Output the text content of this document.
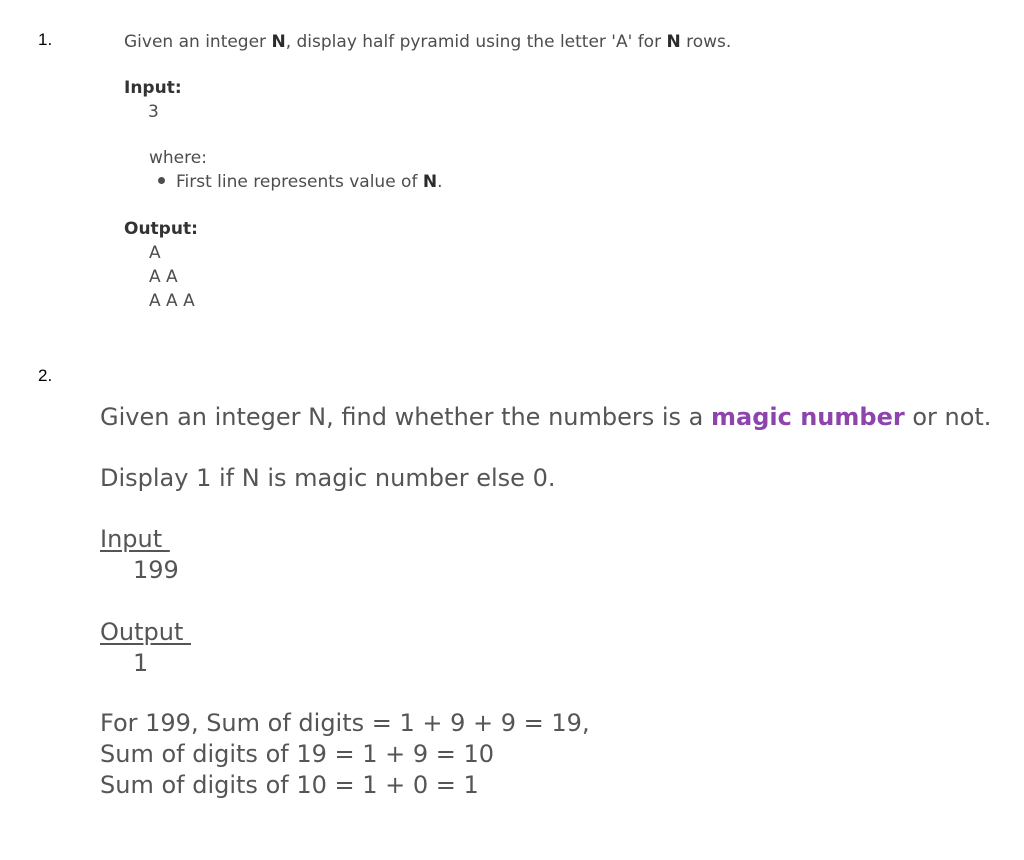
1.	Given an integer N, display half pyramid using the letter 'A' for N rows.
Input:
3
where:
First line represents value of N.
Output:
A
A A
A A A
2.
Given an integer N, find whether the numbers is a magic number or not.
Display 1 if N is magic number else 0.
Input
199
Output
1
For 199, Sum of digits = 1 + 9 + 9 = 19,
Sum of digits of 19 = 1 + 9 = 10
Sum of digits of 10 = 1 + 0 = 1
